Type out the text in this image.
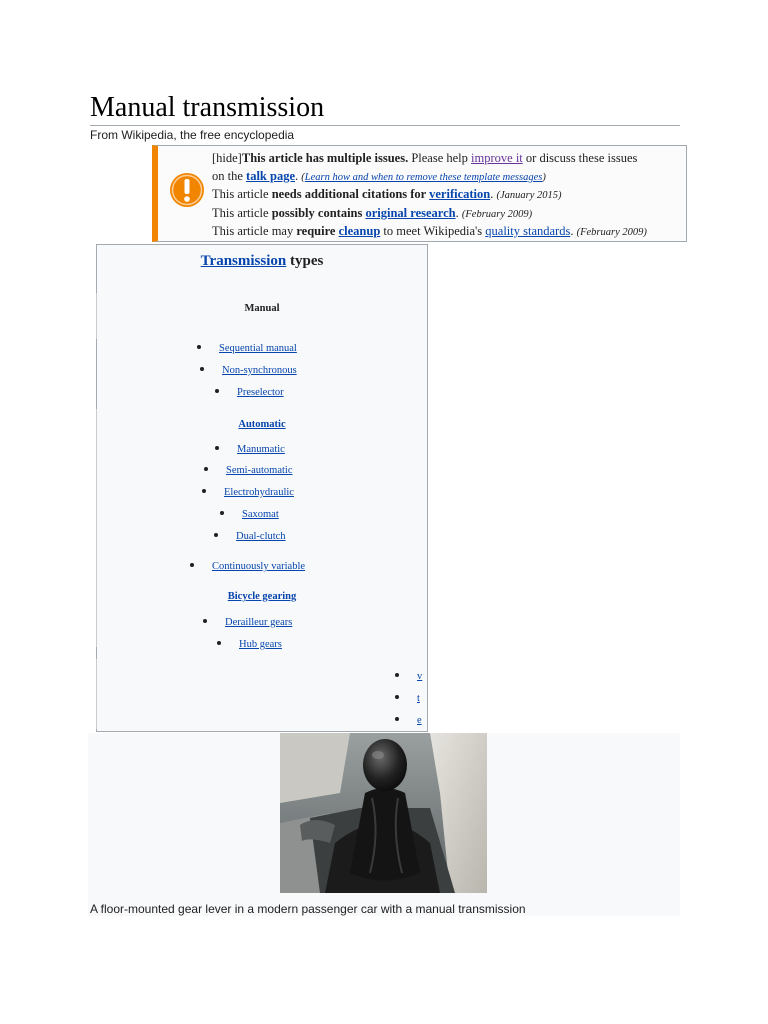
Manual transmission
From Wikipedia, the free encyclopedia
[hide]This article has multiple issues. Please help improve it or discuss these issues
on the talk page. (Learn how and when to remove these template messages)
This article needs additional citations for verification. (January 2015)
This article possibly contains original research. (February 2009)
This article may require cleanup to meet Wikipedia's quality standards. (February 2009)
Transmission types
Manual
Sequential manual
Non-synchronous
Preselector
Automatic
Manumatic
Semi-automatic
Electrohydraulic
Saxomat
Dual-clutch
Continuously variable
Bicycle gearing
Derailleur gears
Hub gears
v
t
e
A floor-mounted gear lever in a modern passenger car with a manual transmission
